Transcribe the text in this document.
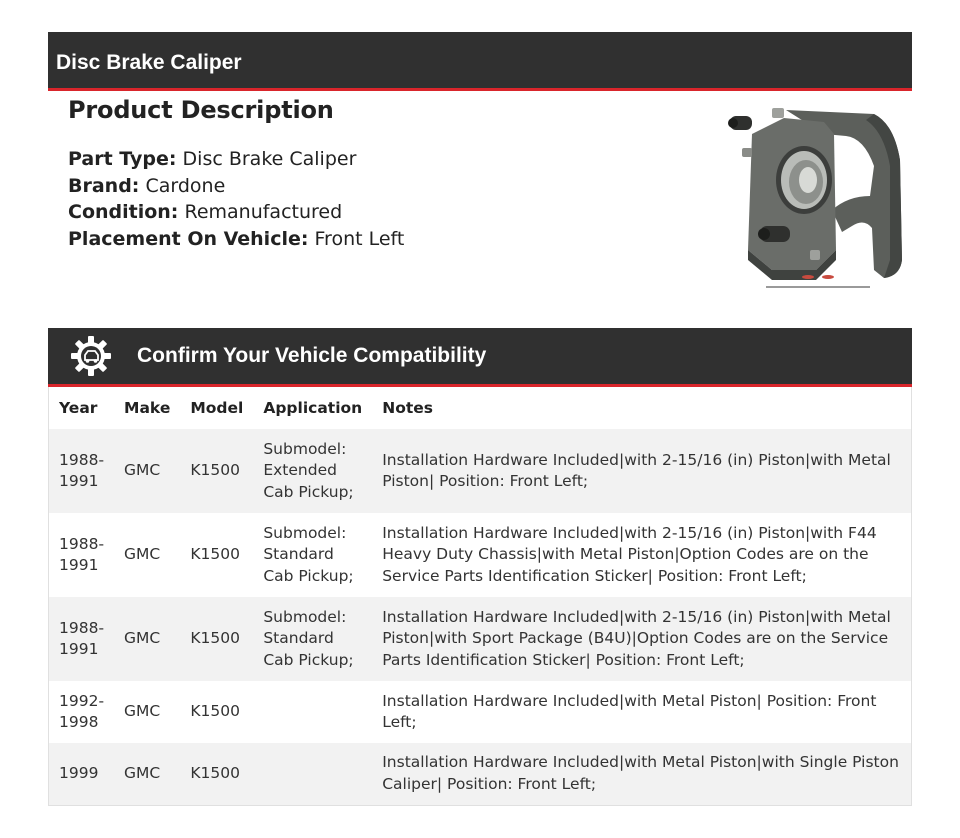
Disc Brake Caliper
Product Description
Part Type: Disc Brake Caliper
Brand: Cardone
Condition: Remanufactured
Placement On Vehicle: Front Left
Confirm Your Vehicle Compatibility
Year	Make	Model	Application	Notes
1988-1991	GMC	K1500	Submodel: Extended Cab Pickup;	Installation Hardware Included|with 2-15/16 (in) Piston|with Metal Piston| Position: Front Left;
1988-1991	GMC	K1500	Submodel: Standard Cab Pickup;	Installation Hardware Included|with 2-15/16 (in) Piston|with F44 Heavy Duty Chassis|with Metal Piston|Option Codes are on the Service Parts Identification Sticker| Position: Front Left;
1988-1991	GMC	K1500	Submodel: Standard Cab Pickup;	Installation Hardware Included|with 2-15/16 (in) Piston|with Metal Piston|with Sport Package (B4U)|Option Codes are on the Service Parts Identification Sticker| Position: Front Left;
1992-1998	GMC	K1500		Installation Hardware Included|with Metal Piston| Position: Front Left;
1999	GMC	K1500		Installation Hardware Included|with Metal Piston|with Single Piston Caliper| Position: Front Left;
